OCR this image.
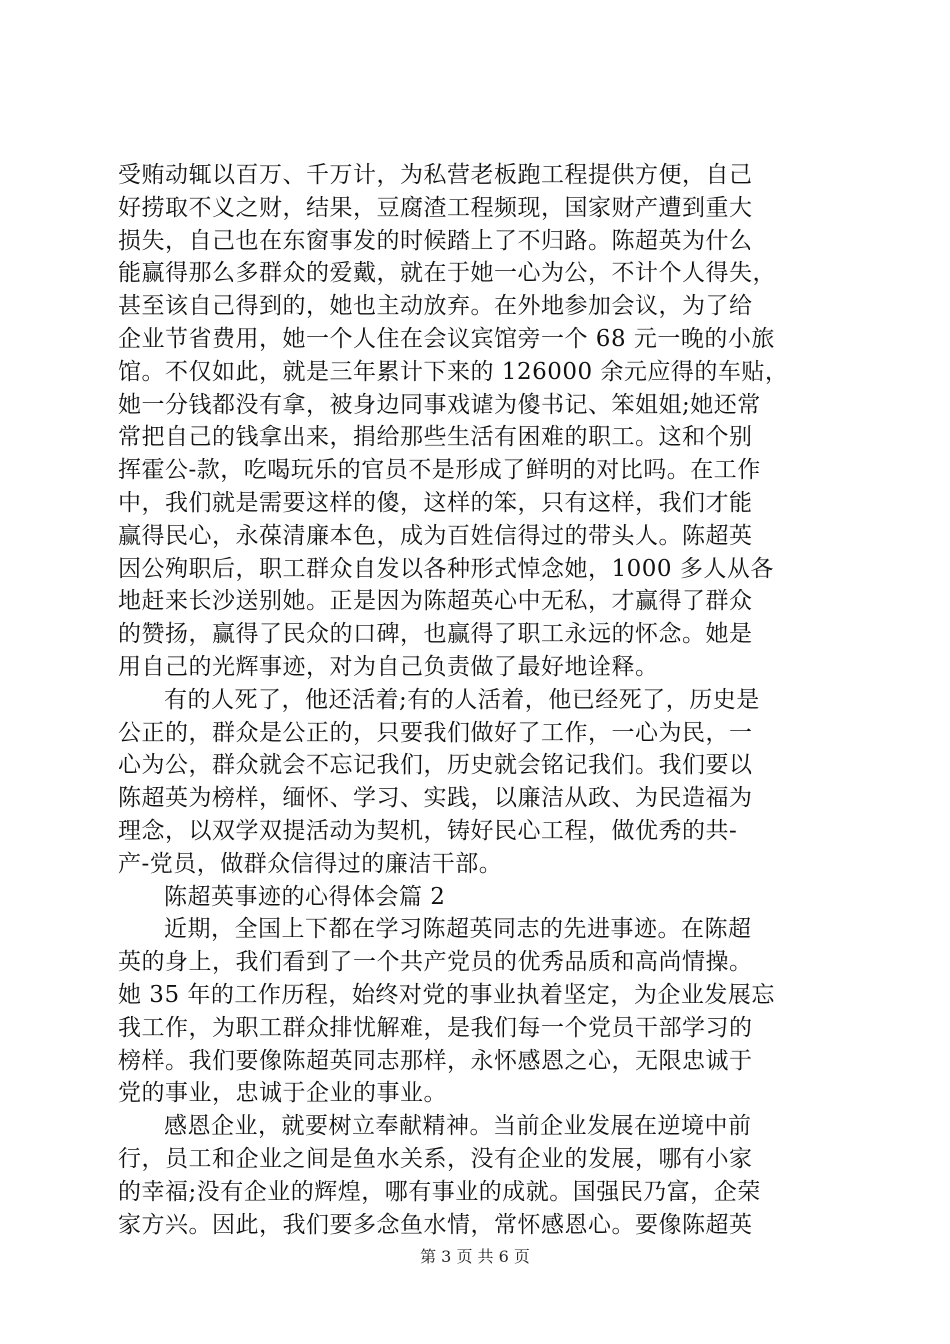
受贿动辄以百万、千万计，为私营老板跑工程提供方便，自己
好捞取不义之财，结果，豆腐渣工程频现，国家财产遭到重大
损失，自己也在东窗事发的时候踏上了不归路。陈超英为什么
能赢得那么多群众的爱戴，就在于她一心为公，不计个人得失，
甚至该自己得到的，她也主动放弃。在外地参加会议，为了给
企业节省费用，她一个人住在会议宾馆旁一个 68 元一晚的小旅
馆。不仅如此，就是三年累计下来的 126000 余元应得的车贴，
她一分钱都没有拿，被身边同事戏谑为傻书记、笨姐姐;她还常
常把自己的钱拿出来，捐给那些生活有困难的职工。这和个别
挥霍公-款，吃喝玩乐的官员不是形成了鲜明的对比吗。在工作
中，我们就是需要这样的傻，这样的笨，只有这样，我们才能
赢得民心，永葆清廉本色，成为百姓信得过的带头人。陈超英
因公殉职后，职工群众自发以各种形式悼念她，1000 多人从各
地赶来长沙送别她。正是因为陈超英心中无私，才赢得了群众
的赞扬，赢得了民众的口碑，也赢得了职工永远的怀念。她是
用自己的光辉事迹，对为自己负责做了最好地诠释。
有的人死了，他还活着;有的人活着，他已经死了，历史是
公正的，群众是公正的，只要我们做好了工作，一心为民，一
心为公，群众就会不忘记我们，历史就会铭记我们。我们要以
陈超英为榜样，缅怀、学习、实践，以廉洁从政、为民造福为
理念，以双学双提活动为契机，铸好民心工程，做优秀的共-
产-党员，做群众信得过的廉洁干部。
陈超英事迹的心得体会篇 2
近期，全国上下都在学习陈超英同志的先进事迹。在陈超
英的身上，我们看到了一个共产党员的优秀品质和高尚情操。
她 35 年的工作历程，始终对党的事业执着坚定，为企业发展忘
我工作，为职工群众排忧解难，是我们每一个党员干部学习的
榜样。我们要像陈超英同志那样，永怀感恩之心，无限忠诚于
党的事业，忠诚于企业的事业。
感恩企业，就要树立奉献精神。当前企业发展在逆境中前
行，员工和企业之间是鱼水关系，没有企业的发展，哪有小家
的幸福;没有企业的辉煌，哪有事业的成就。国强民乃富，企荣
家方兴。因此，我们要多念鱼水情，常怀感恩心。要像陈超英
第 3 页 共 6 页
